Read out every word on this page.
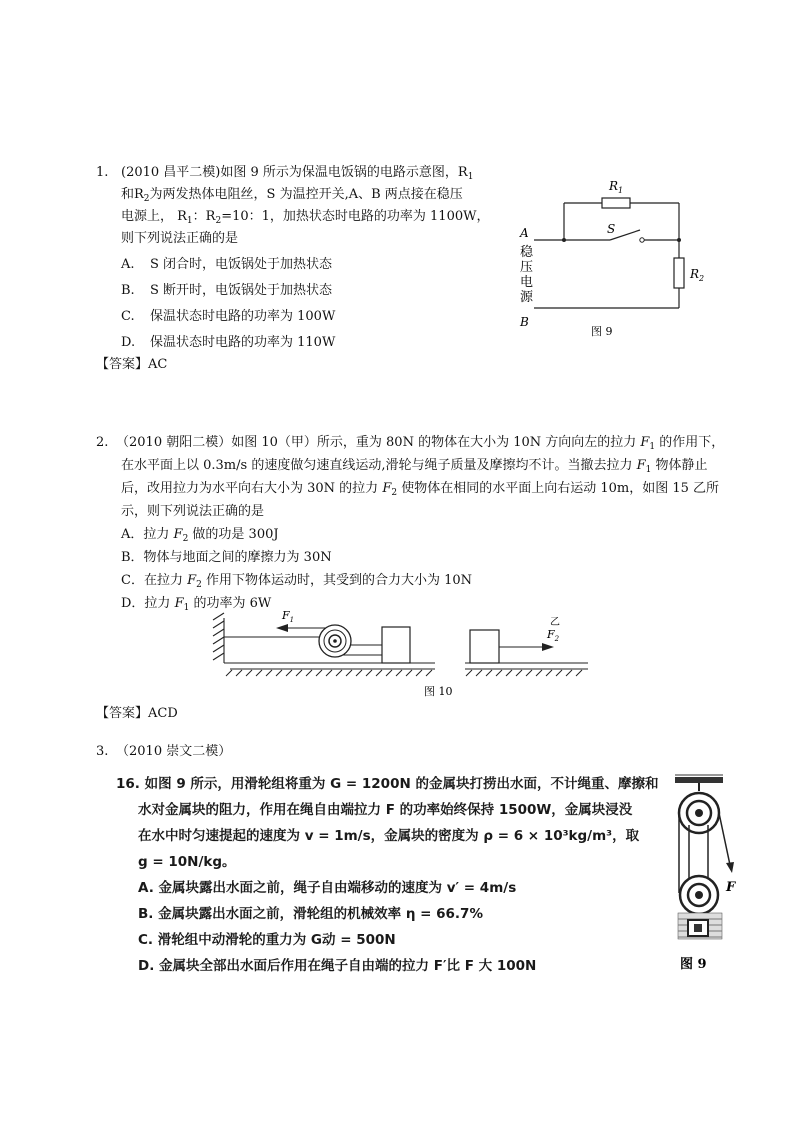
1. (2010 昌平二模)如图 9 所示为保温电饭锅的电路示意图，$R_1$
和$R_2$为两发热体电阻丝，S 为温控开关,A、B 两点接在稳压
电源上， $R_1$：$R_2=10$：1，加热状态时电路的功率为 1100W，
则下列说法正确的是
A. S 闭合时，电饭锅处于加热状态
B. S 断开时，电饭锅处于加热状态
C. 保温状态时电路的功率为 100W
D. 保温状态时电路的功率为 110W
【答案】AC
$R_1$
$R_2$
S
A
B
稳
压
电
源
图 9
2. （2010 朝阳二模）如图 10（甲）所示，重为 80N 的物体在大小为 10N 方向向左的拉力 $F_1$ 的作用下，
在水平面上以 0.3m/s 的速度做匀速直线运动,滑轮与绳子质量及摩擦均不计。当撤去拉力 $F_1$ 物体静止
后，改用拉力为水平向右大小为 30N 的拉力 $F_2$ 使物体在相同的水平面上向右运动 10m，如图 15 乙所
示，则下列说法正确的是
A．拉力 $F_2$ 做的功是 300J
B．物体与地面之间的摩擦力为 30N
C．在拉力 $F_2$ 作用下物体运动时，其受到的合力大小为 10N
D．拉力 $F_1$ 的功率为 6W
$F_1$	乙
$F_2$
图 10
【答案】ACD
3. （2010 崇文二模）
16. 如图 9 所示，用滑轮组将重为 G = 1200N 的金属块打捞出水面，不计绳重、摩擦和
水对金属块的阻力，作用在绳自由端拉力 F 的功率始终保持 1500W，金属块浸没
在水中时匀速提起的速度为 v = 1m/s，金属块的密度为 ρ = 6 × 10³kg/m³，取
g = 10N/kg。
A. 金属块露出水面之前，绳子自由端移动的速度为 v′ = 4m/s
B. 金属块露出水面之前，滑轮组的机械效率 η = 66.7%
C. 滑轮组中动滑轮的重力为 G动 = 500N
D. 金属块全部出水面后作用在绳子自由端的拉力 F′比 F 大 100N
F
图 9
